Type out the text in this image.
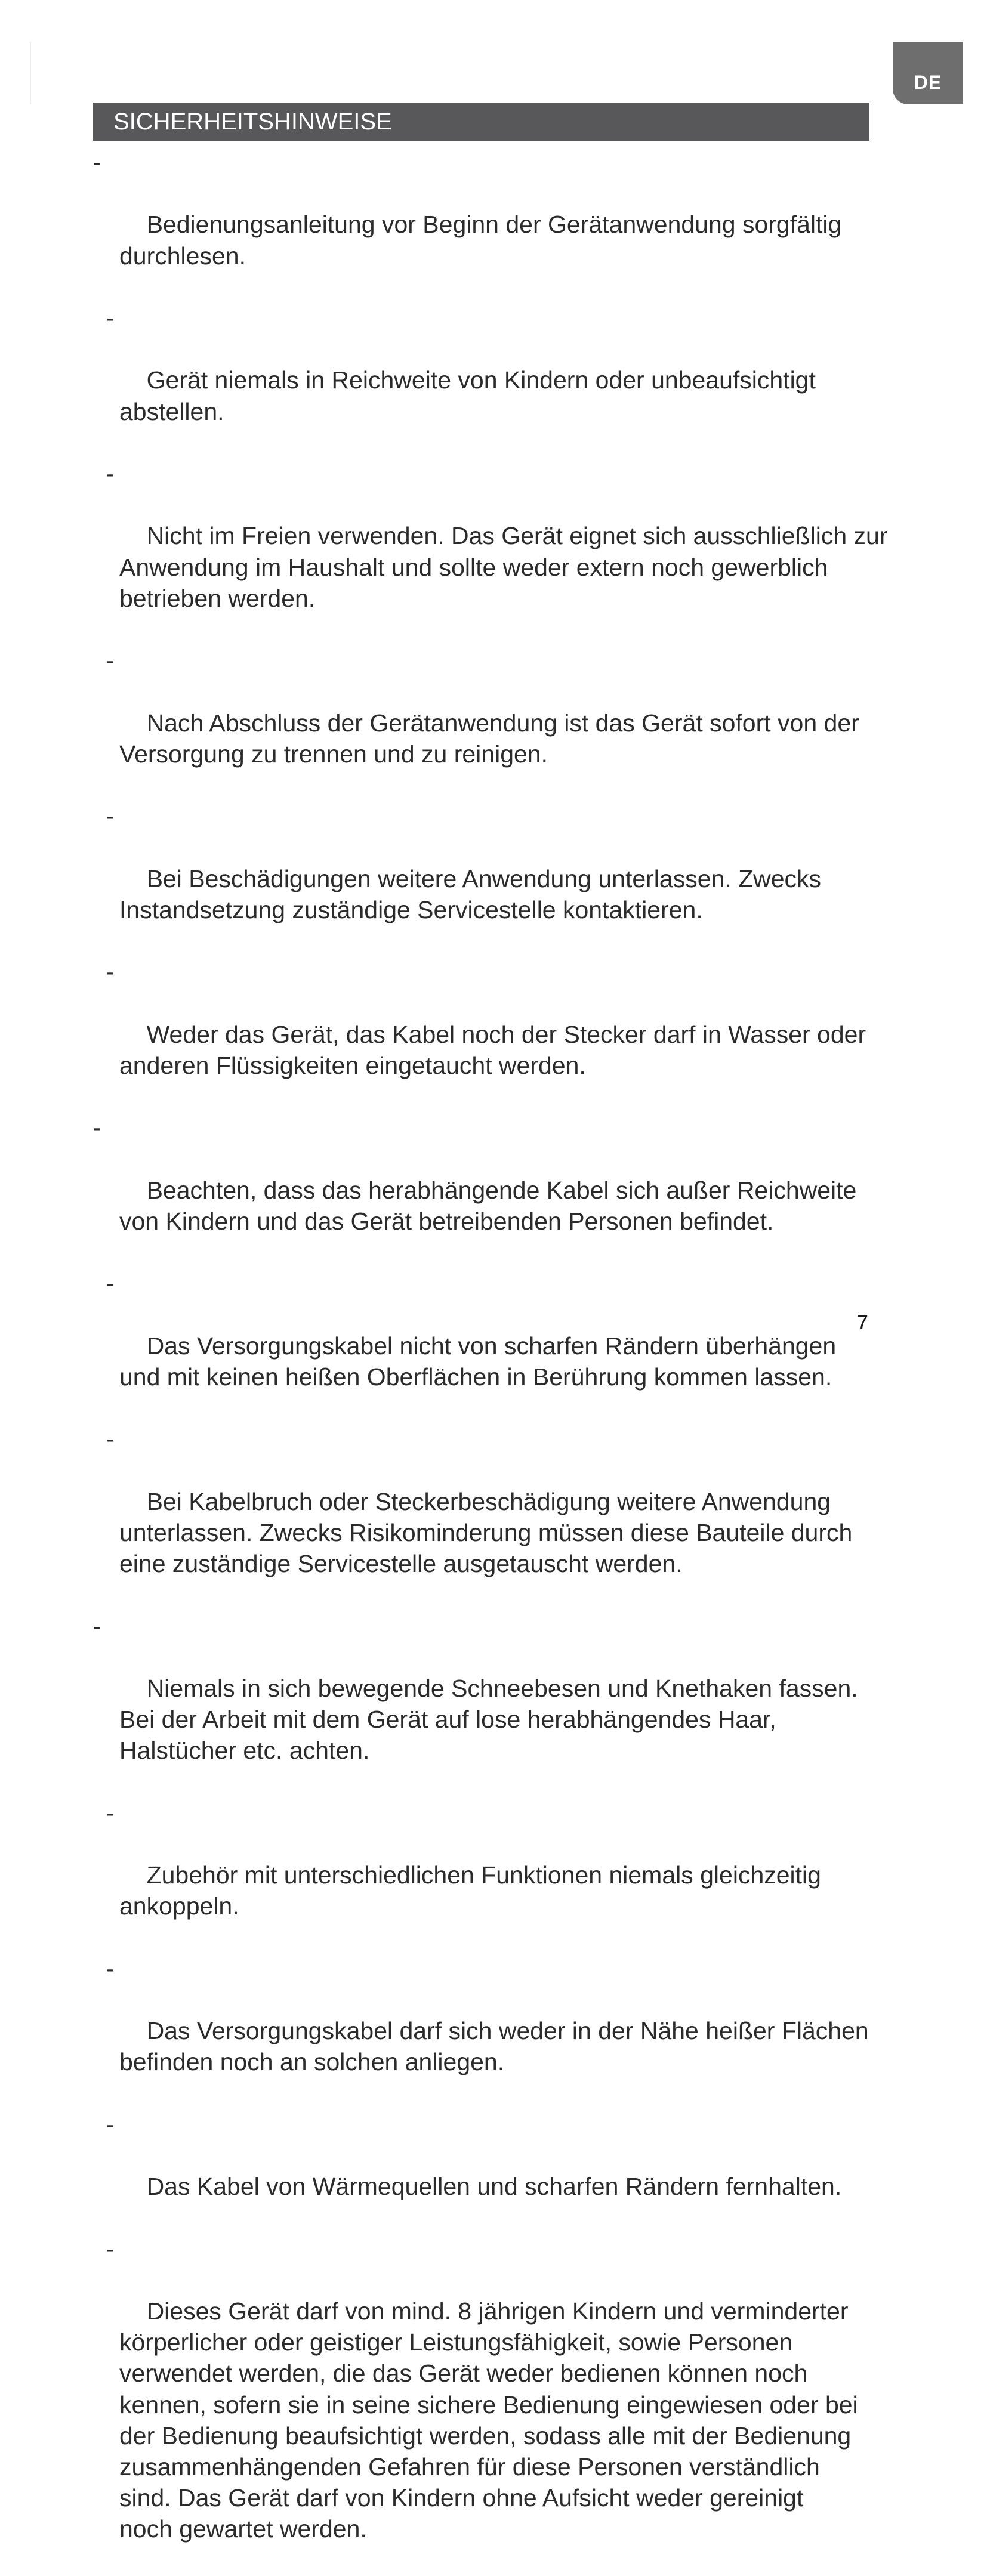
DE
SICHERHEITSHINWEISE

-

Bedienungsanleitung vor Beginn der Gerätanwendung sorgfältig
durchlesen.

-

Gerät niemals in Reichweite von Kindern oder unbeaufsichtigt
abstellen.

-

Nicht im Freien verwenden. Das Gerät eignet sich ausschließlich zur
Anwendung im Haushalt und sollte weder extern noch gewerblich
betrieben werden.

-

Nach Abschluss der Gerätanwendung ist das Gerät sofort von der
Versorgung zu trennen und zu reinigen.

-

Bei Beschädigungen weitere Anwendung unterlassen. Zwecks
Instandsetzung zuständige Servicestelle kontaktieren.

-

Weder das Gerät, das Kabel noch der Stecker darf in Wasser oder
anderen Flüssigkeiten eingetaucht werden.

-

Beachten, dass das herabhängende Kabel sich außer Reichweite
von Kindern und das Gerät betreibenden Personen befindet.

-

Das Versorgungskabel nicht von scharfen Rändern überhängen
und mit keinen heißen Oberflächen in Berührung kommen lassen.

-

Bei Kabelbruch oder Steckerbeschädigung weitere Anwendung
unterlassen. Zwecks Risikominderung müssen diese Bauteile durch
eine zuständige Servicestelle ausgetauscht werden.

-

Niemals in sich bewegende Schneebesen und Knethaken fassen.
Bei der Arbeit mit dem Gerät auf lose herabhängendes Haar,
Halstücher etc. achten.

-

Zubehör mit unterschiedlichen Funktionen niemals gleichzeitig
ankoppeln.

-

Das Versorgungskabel darf sich weder in der Nähe heißer Flächen
befinden noch an solchen anliegen.

-

Das Kabel von Wärmequellen und scharfen Rändern fernhalten.

-

Dieses Gerät darf von mind. 8 jährigen Kindern und verminderter
körperlicher oder geistiger Leistungsfähigkeit, sowie Personen
verwendet werden, die das Gerät weder bedienen können noch
kennen, sofern sie in seine sichere Bedienung eingewiesen oder bei
der Bedienung beaufsichtigt werden, sodass alle mit der Bedienung
zusammenhängenden Gefahren für diese Personen verständlich
sind. Das Gerät darf von Kindern ohne Aufsicht weder gereinigt
noch gewartet werden.

7
